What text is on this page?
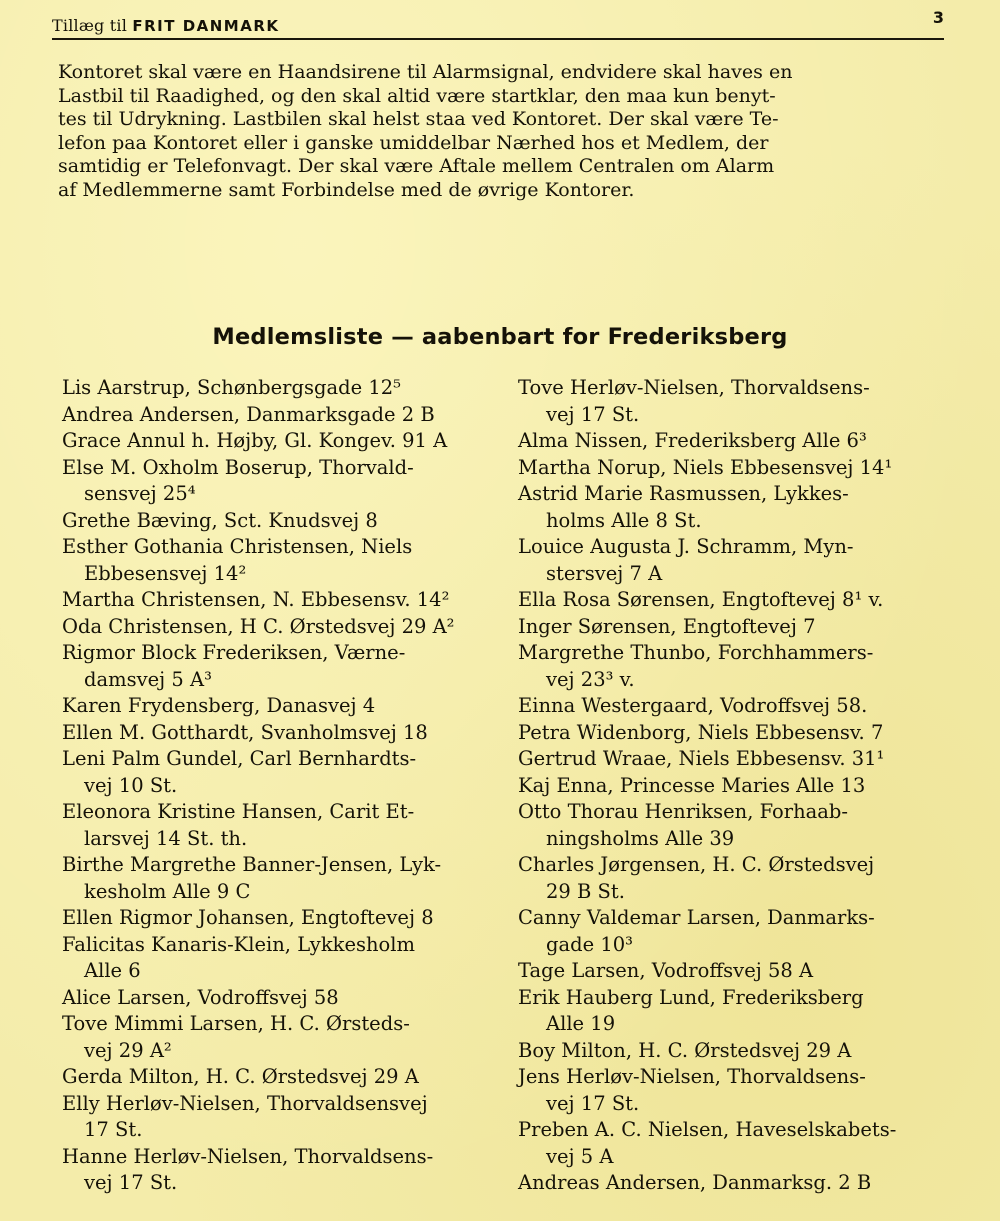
Tillæg til FRIT DANMARK	3
Kontoret skal være en Haandsirene til Alarmsignal, endvidere skal haves en
Lastbil til Raadighed, og den skal altid være startklar, den maa kun benyt-
tes til Udrykning. Lastbilen skal helst staa ved Kontoret. Der skal være Te-
lefon paa Kontoret eller i ganske umiddelbar Nærhed hos et Medlem, der
samtidig er Telefonvagt. Der skal være Aftale mellem Centralen om Alarm
af Medlemmerne samt Forbindelse med de øvrige Kontorer.
Medlemsliste — aabenbart for Frederiksberg
Lis Aarstrup, Schønbergsgade 12⁵
Andrea Andersen, Danmarksgade 2 B
Grace Annul h. Højby, Gl. Kongev. 91 A
Else M. Oxholm Boserup, Thorvald-
sensvej 25⁴
Grethe Bæving, Sct. Knudsvej 8
Esther Gothania Christensen, Niels
Ebbesensvej 14²
Martha Christensen, N. Ebbesensv. 14²
Oda Christensen, H C. Ørstedsvej 29 A²
Rigmor Block Frederiksen, Værne-
damsvej 5 A³
Karen Frydensberg, Danasvej 4
Ellen M. Gotthardt, Svanholmsvej 18
Leni Palm Gundel, Carl Bernhardts-
vej 10 St.
Eleonora Kristine Hansen, Carit Et-
larsvej 14 St. th.
Birthe Margrethe Banner-Jensen, Lyk-
kesholm Alle 9 C
Ellen Rigmor Johansen, Engtoftevej 8
Falicitas Kanaris-Klein, Lykkesholm
Alle 6
Alice Larsen, Vodroffsvej 58
Tove Mimmi Larsen, H. C. Ørsteds-
vej 29 A²
Gerda Milton, H. C. Ørstedsvej 29 A
Elly Herløv-Nielsen, Thorvaldsensvej
17 St.
Hanne Herløv-Nielsen, Thorvaldsens-
vej 17 St.
Tove Herløv-Nielsen, Thorvaldsens-
vej 17 St.
Alma Nissen, Frederiksberg Alle 6³
Martha Norup, Niels Ebbesensvej 14¹
Astrid Marie Rasmussen, Lykkes-
holms Alle 8 St.
Louice Augusta J. Schramm, Myn-
stersvej 7 A
Ella Rosa Sørensen, Engtoftevej 8¹ v.
Inger Sørensen, Engtoftevej 7
Margrethe Thunbo, Forchhammers-
vej 23³ v.
Einna Westergaard, Vodroffsvej 58.
Petra Widenborg, Niels Ebbesensv. 7
Gertrud Wraae, Niels Ebbesensv. 31¹
Kaj Enna, Princesse Maries Alle 13
Otto Thorau Henriksen, Forhaab-
ningsholms Alle 39
Charles Jørgensen, H. C. Ørstedsvej
29 B St.
Canny Valdemar Larsen, Danmarks-
gade 10³
Tage Larsen, Vodroffsvej 58 A
Erik Hauberg Lund, Frederiksberg
Alle 19
Boy Milton, H. C. Ørstedsvej 29 A
Jens Herløv-Nielsen, Thorvaldsens-
vej 17 St.
Preben A. C. Nielsen, Haveselskabets-
vej 5 A
Andreas Andersen, Danmarksg. 2 B
